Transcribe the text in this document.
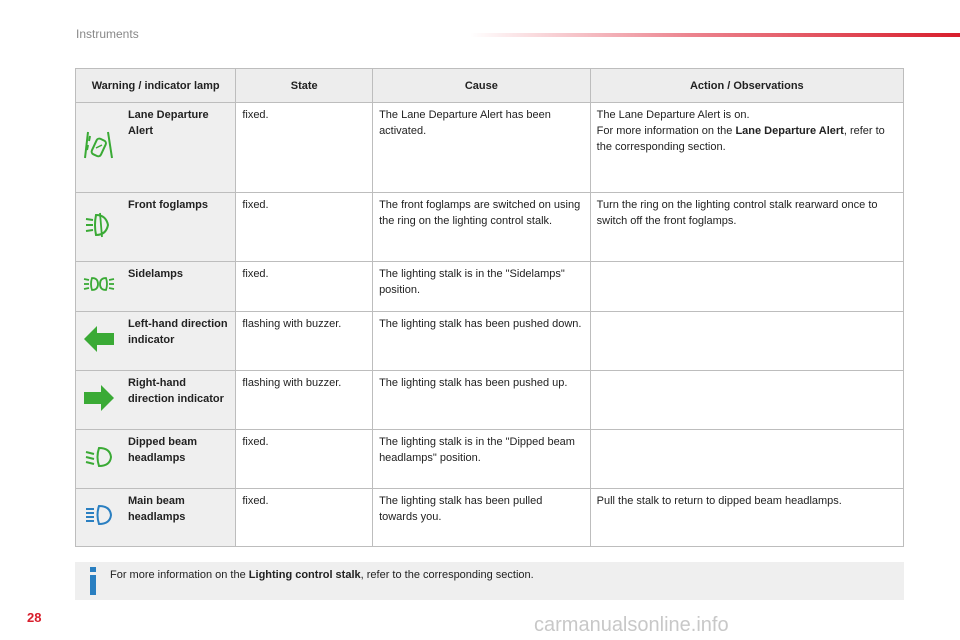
Instruments
Warning / indicator lamp		State	Cause	Action / Observations
	Lane Departure Alert	fixed.	The Lane Departure Alert has been activated.	The Lane Departure Alert is on.
For more information on the Lane Departure Alert, refer to the corresponding section.
	Front foglamps	fixed.	The front foglamps are switched on using the ring on the lighting control stalk.	Turn the ring on the lighting control stalk rearward once to switch off the front foglamps.
	Sidelamps	fixed.	The lighting stalk is in the "Sidelamps" position.	
	Left-hand direction indicator	flashing with buzzer.	The lighting stalk has been pushed down.	
	Right-hand direction indicator	flashing with buzzer.	The lighting stalk has been pushed up.	
	Dipped beam headlamps	fixed.	The lighting stalk is in the "Dipped beam headlamps" position.	
	Main beam headlamps	fixed.	The lighting stalk has been pulled towards you.	Pull the stalk to return to dipped beam headlamps.
For more information on the Lighting control stalk, refer to the corresponding section.
28	carmanualsonline.info
